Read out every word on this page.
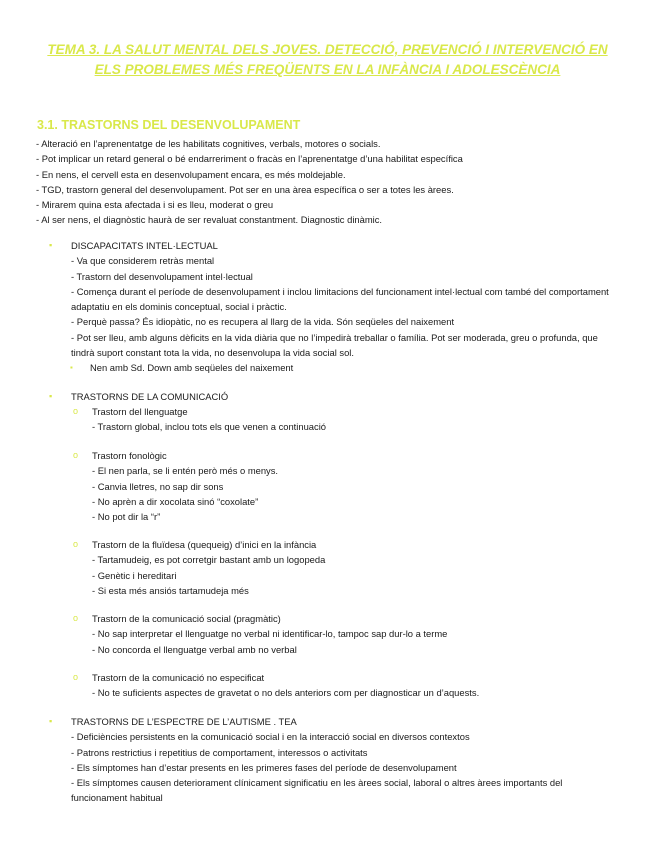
TEMA 3. LA SALUT MENTAL DELS JOVES. DETECCIÓ, PREVENCIÓ I INTERVENCIÓ EN ELS PROBLEMES MÉS FREQÜENTS EN LA INFÀNCIA I ADOLESCÈNCIA
3.1. TRASTORNS DEL DESENVOLUPAMENT
- Alteració en l’aprenentatge de les habilitats cognitives, verbals, motores o socials.
- Pot implicar un retard general o bé endarreriment o fracàs en l’aprenentatge d’una habilitat específica
- En nens, el cervell esta en desenvolupament encara, es més moldejable.
- TGD, trastorn general del desenvolupament. Pot ser en una àrea específica o ser a totes les àrees.
- Mirarem quina esta afectada i si es lleu, moderat o greu
- Al ser nens, el diagnòstic haurà de ser revaluat constantment. Diagnostic dinàmic.
▪	DISCAPACITATS INTEL·LECTUAL
- Va que considerem retràs mental
- Trastorn del desenvolupament intel·lectual
- Comença durant el període de desenvolupament i inclou limitacions del funcionament intel·lectual com també del comportament adaptatiu en els dominis conceptual, social i pràctic.
- Perquè passa? És idiopàtic, no es recupera al llarg de la vida. Són seqüeles del naixement
- Pot ser lleu, amb alguns dèficits en la vida diària que no l’impedirà treballar o família. Pot ser moderada, greu o profunda, que tindrà suport constant tota la vida, no desenvolupa la vida social sol.
▪	Nen amb Sd. Down amb seqüeles del naixement
▪	TRASTORNS DE LA COMUNICACIÓ
o	Trastorn del llenguatge
- Trastorn global, inclou tots els que venen a continuació
o	Trastorn fonològic
- El nen parla, se li entén però més o menys.
- Canvia lletres, no sap dir sons
- No aprèn a dir xocolata sinó “coxolate”
- No pot dir la “r”
o	Trastorn de la fluïdesa (quequeig) d’inici en la infància
- Tartamudeig, es pot corretgir bastant amb un logopeda
- Genètic i hereditari
- Si esta més ansiós tartamudeja més
o	Trastorn de la comunicació social (pragmàtic)
- No sap interpretar el llenguatge no verbal ni identificar-lo, tampoc sap dur-lo a terme
- No concorda el llenguatge verbal amb no verbal
o	Trastorn de la comunicació no especificat
- No te suficients aspectes de gravetat o no dels anteriors com per diagnosticar un d’aquests.
▪	TRASTORNS DE L’ESPECTRE DE L’AUTISME . TEA
- Deficiències persistents en la comunicació social i en la interacció social en diversos contextos
- Patrons restrictius i repetitius de comportament, interessos o activitats
- Els símptomes han d’estar presents en les primeres fases del període de desenvolupament
- Els símptomes causen deteriorament clínicament significatiu en les àrees social, laboral o altres àrees importants del funcionament habitual
